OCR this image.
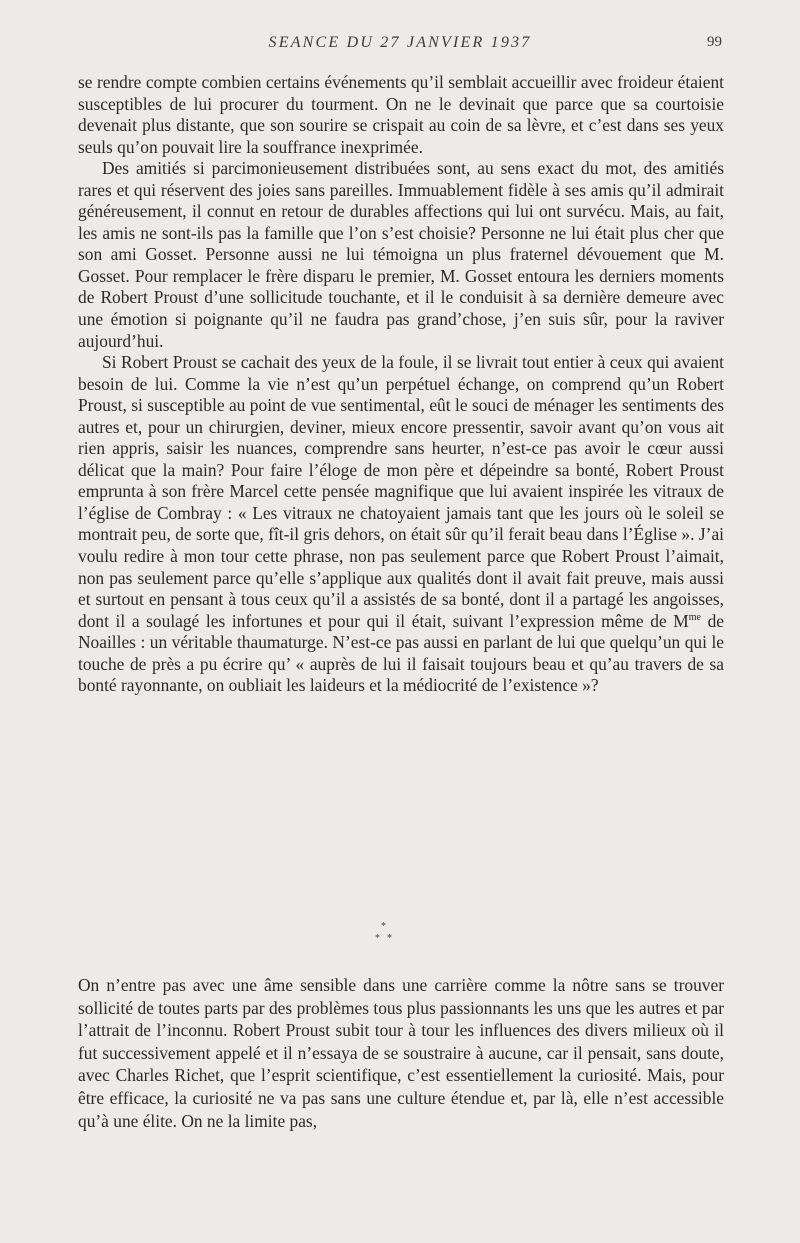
SEANCE DU 27 JANVIER 1937	99

se rendre compte combien certains événements qu’il semblait accueillir avec froideur étaient susceptibles de lui procurer du tourment. On ne le devinait que parce que sa courtoisie devenait plus distante, que son sourire se crispait au coin de sa lèvre, et c’est dans ses yeux seuls qu’on pouvait lire la souffrance inexprimée.

Des amitiés si parcimonieusement distribuées sont, au sens exact du mot, des amitiés rares et qui réservent des joies sans pareilles. Immuablement fidèle à ses amis qu’il admirait généreusement, il connut en retour de durables affections qui lui ont survécu. Mais, au fait, les amis ne sont-ils pas la famille que l’on s’est choisie? Personne ne lui était plus cher que son ami Gosset. Personne aussi ne lui témoigna un plus fraternel dévouement que M. Gosset. Pour remplacer le frère disparu le premier, M. Gosset entoura les derniers moments de Robert Proust d’une sollicitude touchante, et il le conduisit à sa dernière demeure avec une émotion si poignante qu’il ne faudra pas grand’chose, j’en suis sûr, pour la raviver aujourd’hui.

Si Robert Proust se cachait des yeux de la foule, il se livrait tout entier à ceux qui avaient besoin de lui. Comme la vie n’est qu’un perpétuel échange, on comprend qu’un Robert Proust, si susceptible au point de vue sentimental, eût le souci de ménager les sentiments des autres et, pour un chirurgien, deviner, mieux encore pressentir, savoir avant qu’on vous ait rien appris, saisir les nuances, comprendre sans heurter, n’est-ce pas avoir le cœur aussi délicat que la main? Pour faire l’éloge de mon père et dépeindre sa bonté, Robert Proust emprunta à son frère Marcel cette pensée magnifique que lui avaient inspirée les vitraux de l’église de Combray : « Les vitraux ne chatoyaient jamais tant que les jours où le soleil se montrait peu, de sorte que, fît-il gris dehors, on était sûr qu’il ferait beau dans l’Église ». J’ai voulu redire à mon tour cette phrase, non pas seulement parce que Robert Proust l’aimait, non pas seulement parce qu’elle s’applique aux qualités dont il avait fait preuve, mais aussi et surtout en pensant à tous ceux qu’il a assistés de sa bonté, dont il a partagé les angoisses, dont il a soulagé les infortunes et pour qui il était, suivant l’expression même de $M^{me}$ de Noailles : un véritable thaumaturge. N’est-ce pas aussi en parlant de lui que quelqu’un qui le touche de près a pu écrire qu’ « auprès de lui il faisait toujours beau et qu’au travers de sa bonté rayonnante, on oubliait les laideurs et la médiocrité de l’existence »?

*
* *

On n’entre pas avec une âme sensible dans une carrière comme la nôtre sans se trouver sollicité de toutes parts par des problèmes tous plus passionnants les uns que les autres et par l’attrait de l’inconnu. Robert Proust subit tour à tour les influences des divers milieux où il fut successivement appelé et il n’essaya de se soustraire à aucune, car il pensait, sans doute, avec Charles Richet, que l’esprit scientifique, c’est essentiellement la curiosité. Mais, pour être efficace, la curiosité ne va pas sans une culture étendue et, par là, elle n’est accessible qu’à une élite. On ne la limite pas,
